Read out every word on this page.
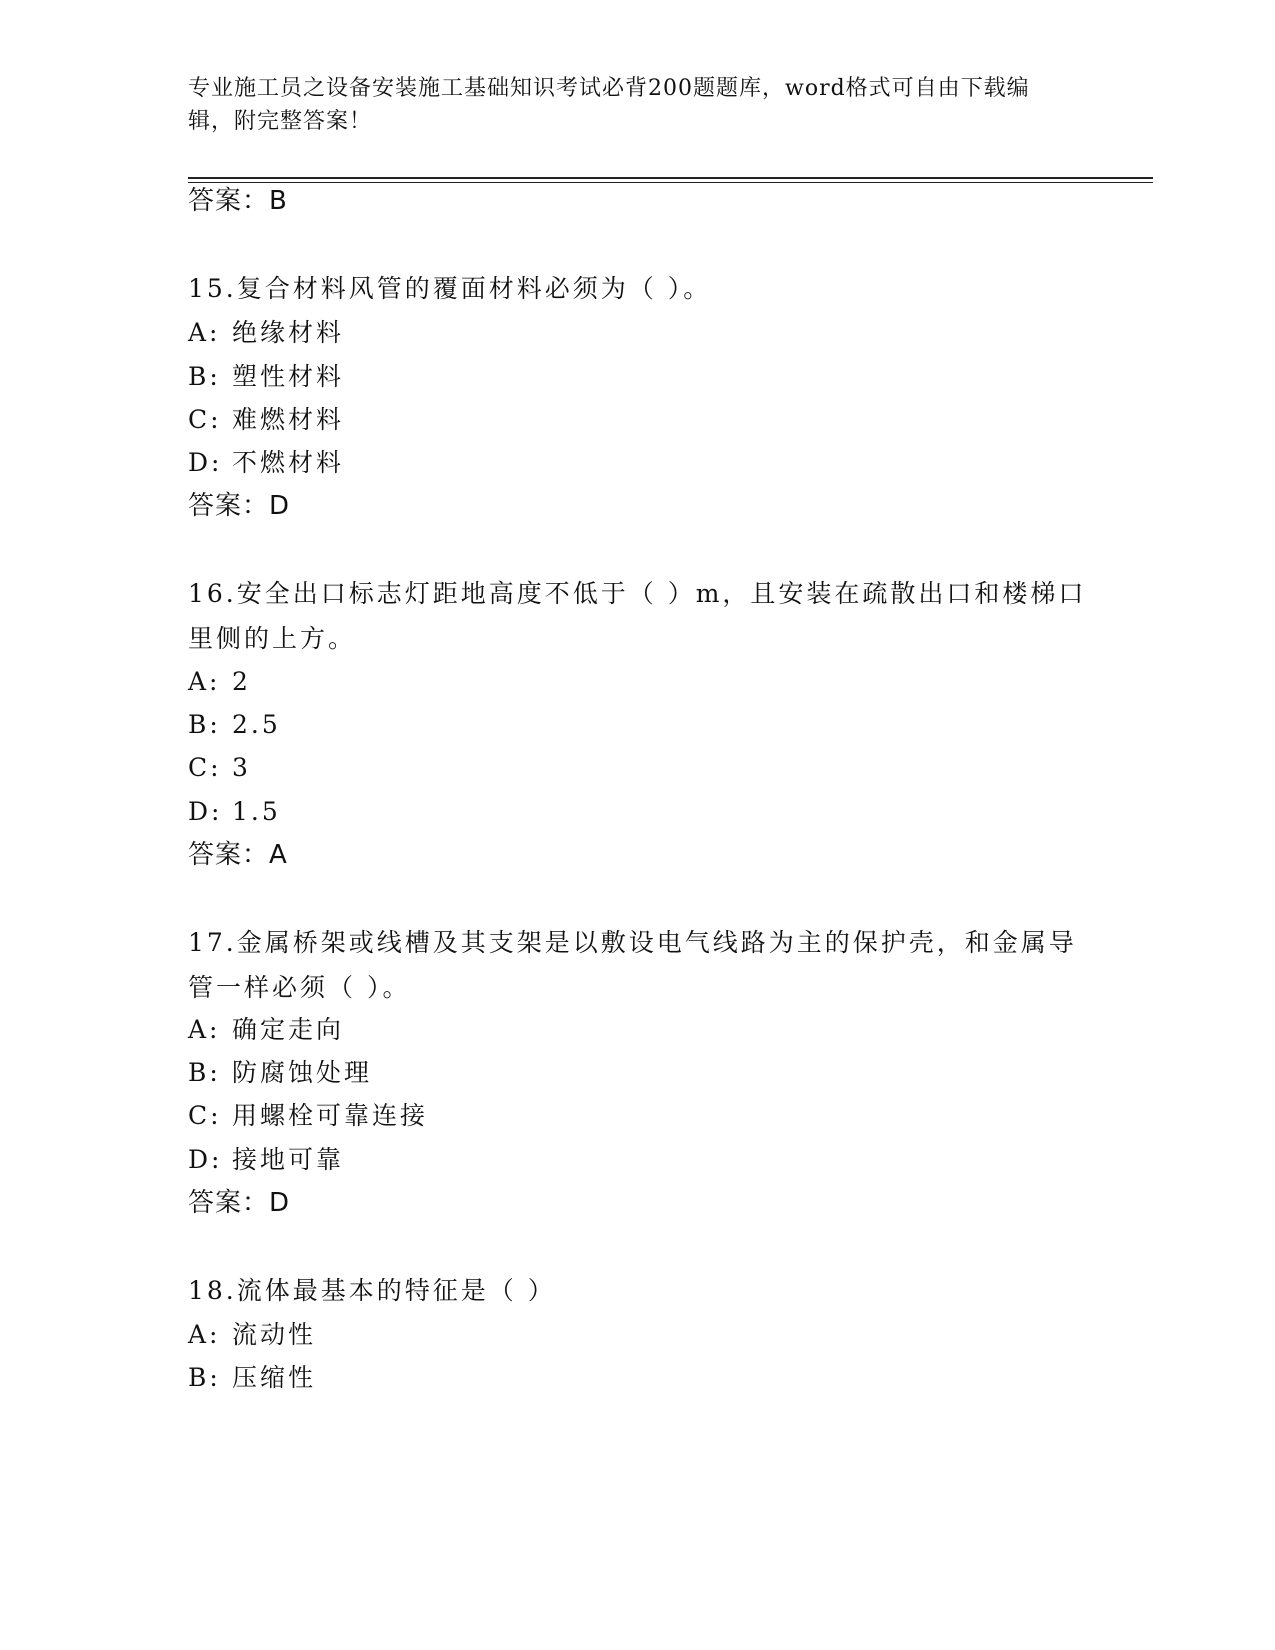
专业施工员之设备安装施工基础知识考试必背200题题库，word格式可自由下载编辑，附完整答案！
答案：B
15.复合材料风管的覆面材料必须为（ ）。
A: 绝缘材料
B: 塑性材料
C: 难燃材料
D: 不燃材料
答案：D
16.安全出口标志灯距地高度不低于（ ）m，且安装在疏散出口和楼梯口里侧的上方。
A: 2
B: 2.5
C: 3
D: 1.5
答案：A
17.金属桥架或线槽及其支架是以敷设电气线路为主的保护壳，和金属导管一样必须（ ）。
A: 确定走向
B: 防腐蚀处理
C: 用螺栓可靠连接
D: 接地可靠
答案：D
18.流体最基本的特征是（ ）
A: 流动性
B: 压缩性
